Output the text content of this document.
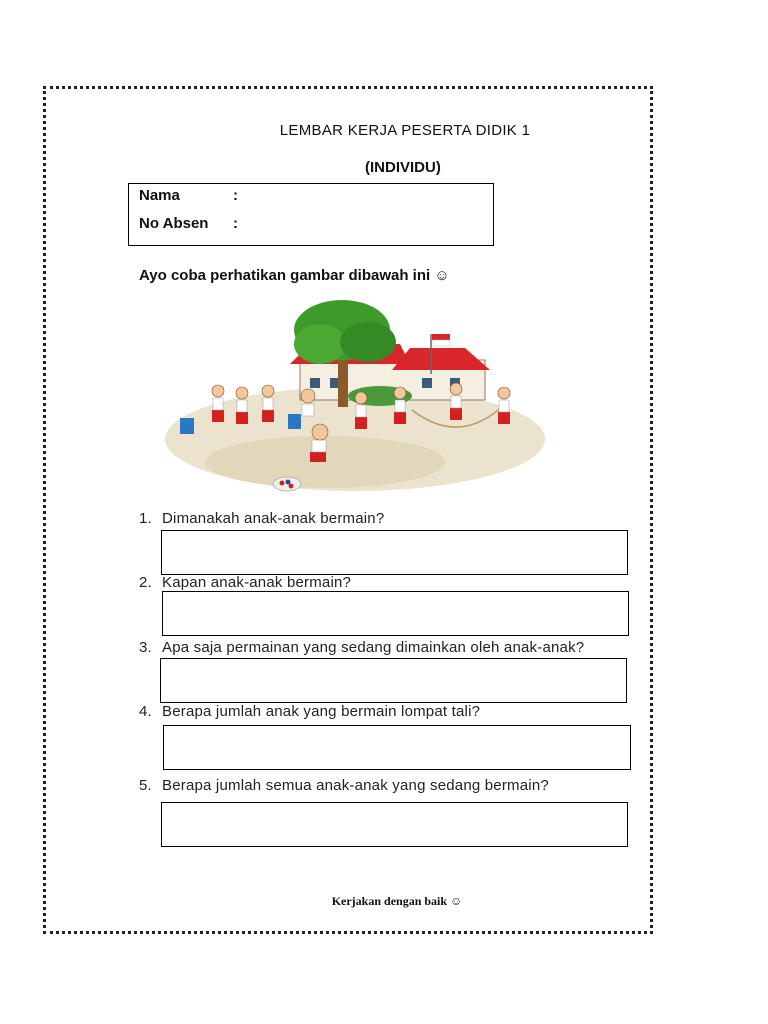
LEMBAR KERJA PESERTA DIDIK 1
(INDIVIDU)
Nama	:
No Absen :
Ayo coba perhatikan gambar dibawah ini ☺
1. Dimanakah anak-anak bermain?
2. Kapan anak-anak bermain?
3. Apa saja permainan yang sedang dimainkan oleh anak-anak?
4. Berapa jumlah anak yang bermain lompat tali?
5. Berapa jumlah semua anak-anak yang sedang bermain?
Kerjakan dengan baik ☺
